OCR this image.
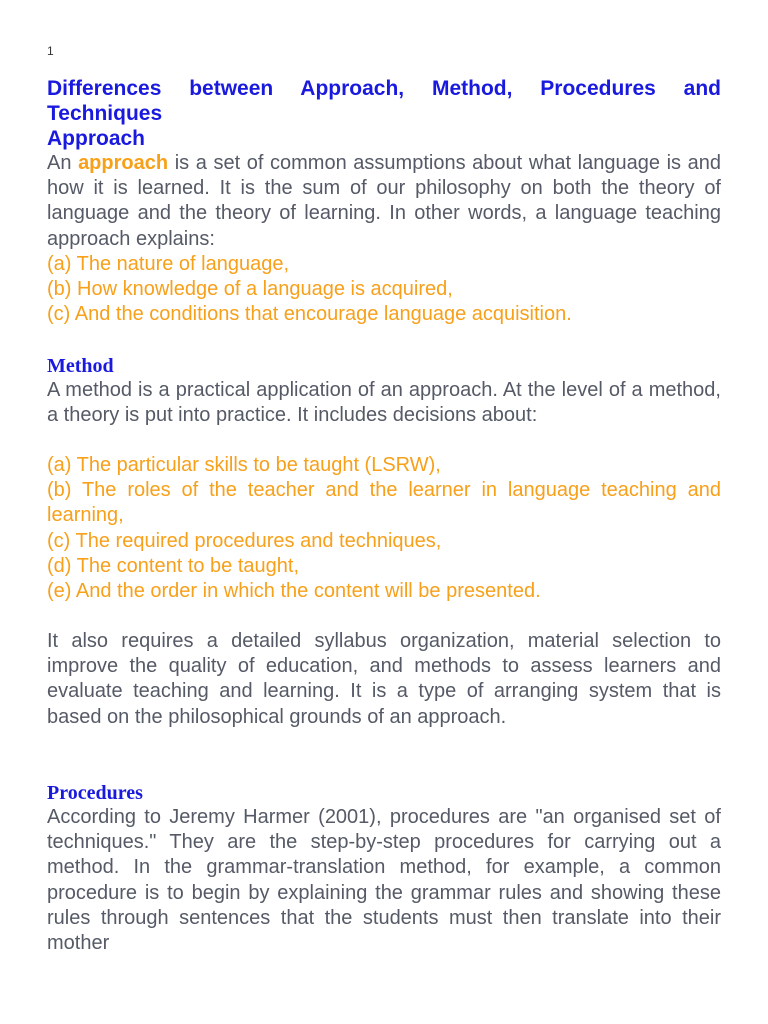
1
Differences between Approach, Method, Procedures and Techniques
Approach

An approach is a set of common assumptions about what language is and how it is learned. It is the sum of our philosophy on both the theory of language and the theory of learning. In other words, a language teaching approach explains:

(a) The nature of language,
(b) How knowledge of a language is acquired,
(c) And the conditions that encourage language acquisition.
Method

A method is a practical application of an approach. At the level of a method, a theory is put into practice. It includes decisions about:

(a) The particular skills to be taught (LSRW),
(b) The roles of the teacher and the learner in language teaching and learning,
(c) The required procedures and techniques,
(d) The content to be taught,
(e) And the order in which the content will be presented.

It also requires a detailed syllabus organization, material selection to improve the quality of education, and methods to assess learners and evaluate teaching and learning. It is a type of arranging system that is based on the philosophical grounds of an approach.

Procedures

According to Jeremy Harmer (2001), procedures are "an organised set of techniques." They are the step-by-step procedures for carrying out a method. In the grammar-translation method, for example, a common procedure is to begin by explaining the grammar rules and showing these rules through sentences that the students must then translate into their mother
